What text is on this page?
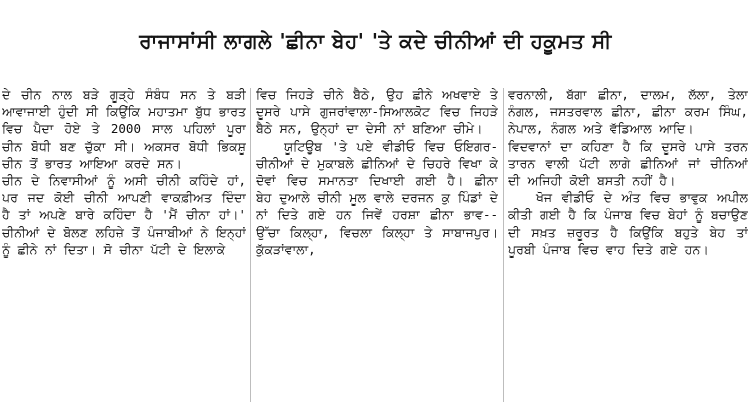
ਰਾਜਾਸਾਂਸੀ ਲਾਗਲੇ 'ਛੀਨਾ ਬੇਹ' 'ਤੇ ਕਦੇ ਚੀਨੀਆਂ ਦੀ ਹਕੂਮਤ ਸੀ

ਦੇ ਚੀਨ ਨਾਲ ਬੜੇ ਗੂੜ੍ਹੇ ਸੰਬੰਧ ਸਨ ਤੇ ਬੜੀ ਆਵਾਜਾਈ ਹੁੰਦੀ ਸੀ ਕਿਉਂਕਿ ਮਹਾਤਮਾ ਬੁੱਧ ਭਾਰਤ ਵਿਚ ਪੈਦਾ ਹੋਏ ਤੇ 2000 ਸਾਲ ਪਹਿਲਾਂ ਪੂਰਾ ਚੀਨ ਬੋਧੀ ਬਣ ਚੁੱਕਾ ਸੀ। ਅਕਸਰ ਬੋਧੀ ਭਿਕਸ਼ੂ ਚੀਨ ਤੋਂ ਭਾਰਤ ਆਇਆ ਕਰਦੇ ਸਨ।

ਚੀਨ ਦੇ ਨਿਵਾਸੀਆਂ ਨੂੰ ਅਸੀ ਚੀਨੀ ਕਹਿੰਦੇ ਹਾਂ, ਪਰ ਜਦ ਕੋਈ ਚੀਨੀ ਆਪਣੀ ਵਾਕਫ਼ੀਅਤ ਦਿੰਦਾ ਹੈ ਤਾਂ ਅਪਣੇ ਬਾਰੇ ਕਹਿੰਦਾ ਹੈ 'ਮੈਂ ਚੀਨਾ ਹਾਂ।' ਚੀਨੀਆਂ ਦੇ ਬੋਲਣ ਲਹਿਜ਼ੇ ਤੋਂ ਪੰਜਾਬੀਆਂ ਨੇ ਇਨ੍ਹਾਂ ਨੂੰ ਛੀਨੇ ਨਾਂ ਦਿਤਾ। ਸੋ ਚੀਨਾ ਪੱਟੀ ਦੇ ਇਲਾਕੇ

ਵਿਚ ਜਿਹੜੇ ਚੀਨੇ ਬੈਠੇ, ਉਹ ਛੀਨੇ ਅਖਵਾਏ ਤੇ ਦੂਸਰੇ ਪਾਸੇ ਗੁਜਰਾਂਵਾਲਾ-ਸਿਆਲਕੋਟ ਵਿਚ ਜਿਹੜੇ ਬੈਠੇ ਸਨ, ਉਨ੍ਹਾਂ ਦਾ ਦੇਸੀ ਨਾਂ ਬਣਿਆ ਚੀਮੇ।

ਯੂਟਿਊਬ 'ਤੇ ਪਏ ਵੀਡੀਓ ਵਿਚ ਓਇਗਰ-ਚੀਨੀਆਂ ਦੇ ਮੁਕਾਬਲੇ ਛੀਨਿਆਂ ਦੇ ਚਿਹਰੇ ਵਿਖਾ ਕੇ ਦੋਵਾਂ ਵਿਚ ਸਮਾਨਤਾ ਦਿਖਾਈ ਗਈ ਹੈ। ਛੀਨਾ ਬੇਹ ਦੁਆਲੇ ਚੀਨੀ ਮੂਲ ਵਾਲੇ ਦਰਜਨ ਕੁ ਪਿੰਡਾਂ ਦੇ ਨਾਂ ਦਿਤੇ ਗਏ ਹਨ ਜਿਵੇਂ ਹਰਸ਼ਾ ਛੀਨਾ ਭਾਵ-- ਉੱਚਾ ਕਿਲ੍ਹਾ, ਵਿਚਲਾ ਕਿਲ੍ਹਾ ਤੇ ਸਾਬਾਜਪੁਰ। ਕੁੱਕੜਾਂਵਾਲਾ,

ਵਰਨਾਲੀ, ਬੱਗਾ ਛੀਨਾ, ਦਾਲਮ, ਲੱਲਾ, ਤੇਲਾ ਨੰਗਲ, ਜਸਤਰਵਾਲ ਛੀਨਾ, ਛੀਨਾ ਕਰਮ ਸਿੰਘ, ਨੇਪਾਲ, ਨੰਗਲ ਅਤੇ ਵੱਡਿਆਲ ਆਦਿ।

ਵਿਦਵਾਨਾਂ ਦਾ ਕਹਿਣਾ ਹੈ ਕਿ ਦੂਸਰੇ ਪਾਸੇ ਤਰਨ ਤਾਰਨ ਵਾਲੀ ਪੱਟੀ ਲਾਗੇ ਛੀਨਿਆਂ ਜਾਂ ਚੀਨਿਆਂ ਦੀ ਅਜਿਹੀ ਕੋਈ ਬਸਤੀ ਨਹੀਂ ਹੈ।

ਖੋਜ ਵੀਡੀਓ ਦੇ ਅੰਤ ਵਿਚ ਭਾਵੁਕ ਅਪੀਲ ਕੀਤੀ ਗਈ ਹੈ ਕਿ ਪੰਜਾਬ ਵਿਚ ਬੇਹਾਂ ਨੂੰ ਬਚਾਉਣ ਦੀ ਸਖ਼ਤ ਜ਼ਰੂਰਤ ਹੈ ਕਿਉਂਕਿ ਬਹੁਤੇ ਬੇਹ ਤਾਂ ਪੂਰਬੀ ਪੰਜਾਬ ਵਿਚ ਵਾਹ ਦਿਤੇ ਗਏ ਹਨ।
